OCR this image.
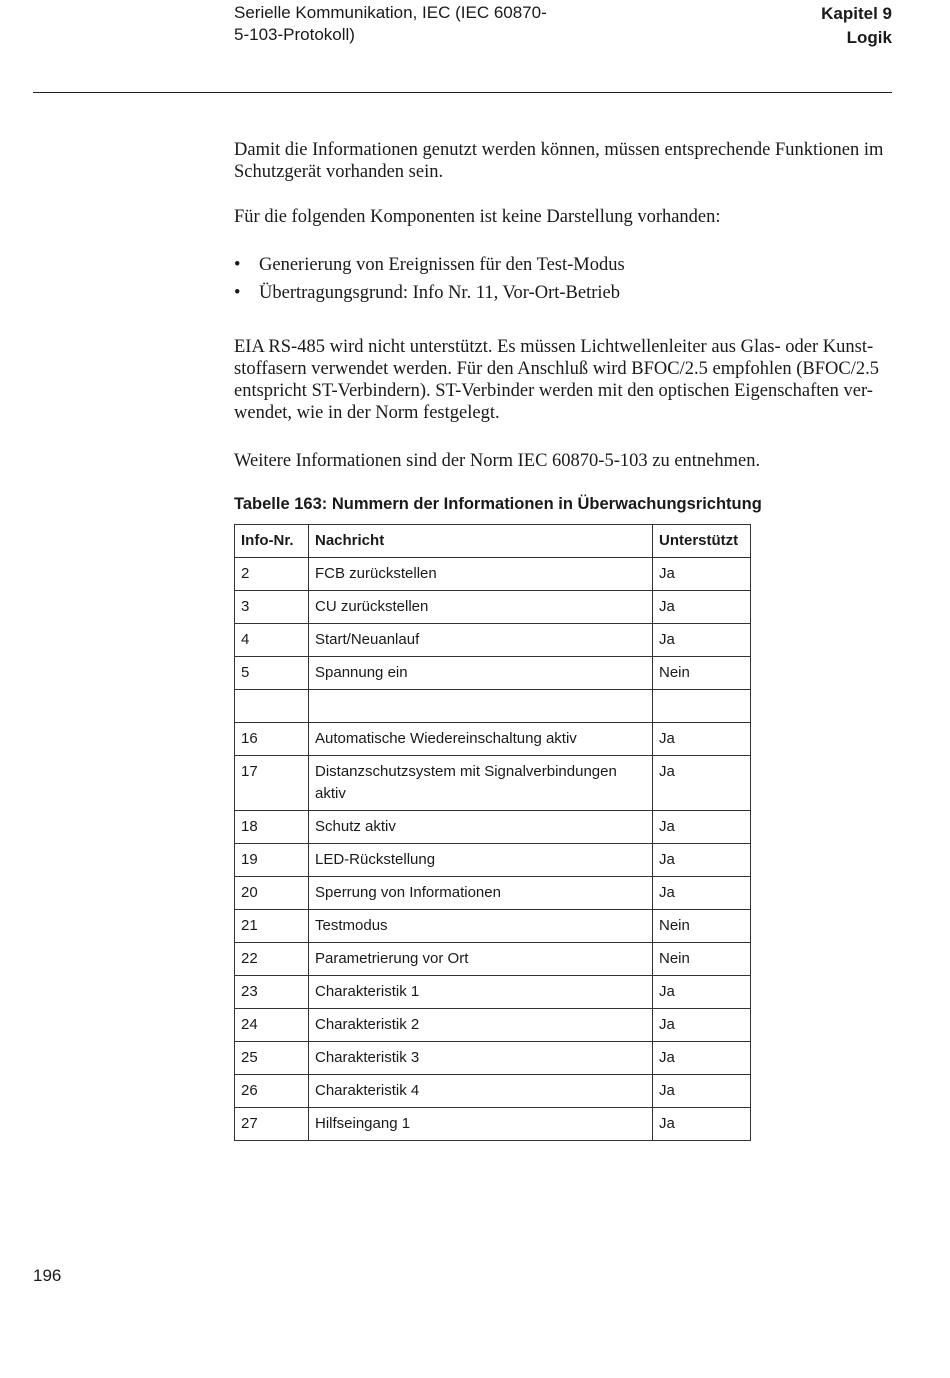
Serielle Kommunikation, IEC (IEC 60870-
5-103-Protokoll)
Kapitel 9
Logik
Damit die Informationen genutzt werden können, müssen entsprechende Funktionen im Schutzgerät vorhanden sein.
Für die folgenden Komponenten ist keine Darstellung vorhanden:
• Generierung von Ereignissen für den Test-Modus
• Übertragungsgrund: Info Nr. 11, Vor-Ort-Betrieb
EIA RS-485 wird nicht unterstützt. Es müssen Lichtwellenleiter aus Glas- oder Kunst- stoffasern verwendet werden. Für den Anschluß wird BFOC/2.5 empfohlen (BFOC/2.5 entspricht ST-Verbindern). ST-Verbinder werden mit den optischen Eigenschaften ver- wendet, wie in der Norm festgelegt.
Weitere Informationen sind der Norm IEC 60870-5-103 zu entnehmen.
Tabelle 163: Nummern der Informationen in Überwachungsrichtung
Info-Nr.	Nachricht	Unterstützt
2	FCB zurückstellen	Ja
3	CU zurückstellen	Ja
4	Start/Neuanlauf	Ja
5	Spannung ein	Nein

16	Automatische Wiedereinschaltung aktiv	Ja
17	Distanzschutzsystem mit Signalverbindungen aktiv	Ja
18	Schutz aktiv	Ja
19	LED-Rückstellung	Ja
20	Sperrung von Informationen	Ja
21	Testmodus	Nein
22	Parametrierung vor Ort	Nein
23	Charakteristik 1	Ja
24	Charakteristik 2	Ja
25	Charakteristik 3	Ja
26	Charakteristik 4	Ja
27	Hilfseingang 1	Ja
196
